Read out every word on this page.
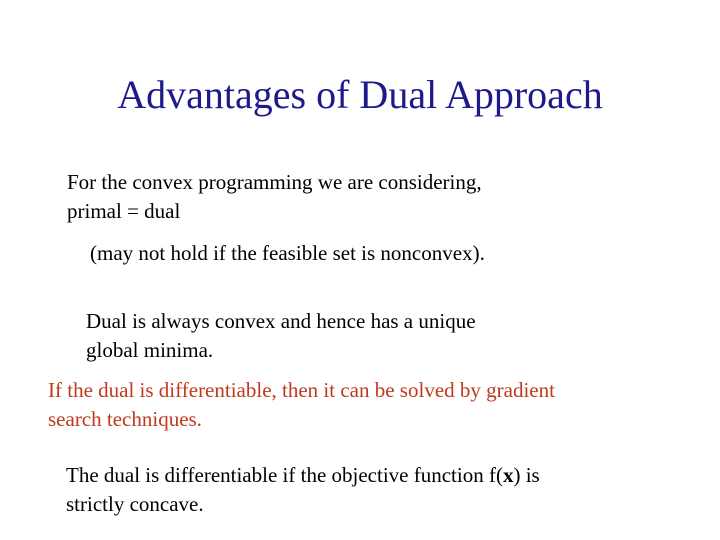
Advantages of Dual Approach
For the convex programming we are considering,
primal = dual
(may not hold if the feasible set is nonconvex).
Dual is always convex and hence has a unique
global minima.
If the dual is differentiable, then it can be solved by gradient
search techniques.
The dual is differentiable if the objective function f(x) is
strictly concave.
